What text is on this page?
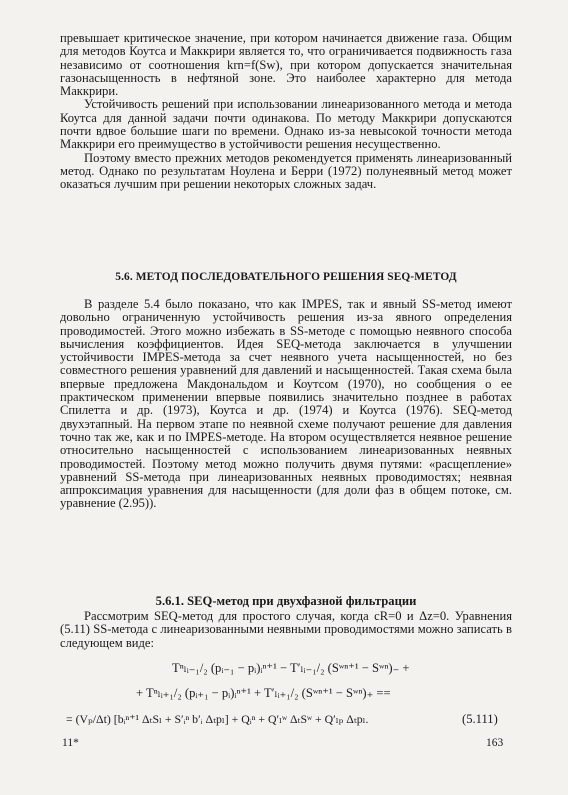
превышает критическое значение, при котором начинается движение газа. Общим для методов Коутса и Маккрири является то, что ограничивается подвижность газа независимо от соотношения krn=f(Sw), при котором допускается значительная газонасыщенность в нефтяной зоне. Это наиболее характерно для метода Маккрири.

Устойчивость решений при использовании линеаризованного метода и метода Коутса для данной задачи почти одинакова. По методу Маккрири допускаются почти вдвое большие шаги по времени. Однако из-за невысокой точности метода Маккрири его преимущество в устойчивости решения несущественно.

Поэтому вместо прежних методов рекомендуется применять линеаризованный метод. Однако по результатам Ноулена и Берри (1972) полунеявный метод может оказаться лучшим при решении некоторых сложных задач.

5.6. МЕТОД ПОСЛЕДОВАТЕЛЬНОГО РЕШЕНИЯ SEQ-МЕТОД

В разделе 5.4 было показано, что как IMPES, так и явный SS-метод имеют довольно ограниченную устойчивость решения из-за явного определения проводимостей. Этого можно избежать в SS-методе с помощью неявного способа вычисления коэффициентов. Идея SEQ-метода заключается в улучшении устойчивости IMPES-метода за счет неявного учета насыщенностей, но без совместного решения уравнений для давлений и насыщенностей. Такая схема была впервые предложена Макдональдом и Коутсом (1970), но сообщения о ее практическом применении впервые появились значительно позднее в работах Спилетта и др. (1973), Коутса и др. (1974) и Коутса (1976). SEQ-метод двухэтапный. На первом этапе по неявной схеме получают решение для давления точно так же, как и по IMPES-методе. На втором осуществляется неявное решение относительно насыщенностей с использованием линеаризованных неявных проводимостей. Поэтому метод можно получить двумя путями: «расщепление» уравнений SS-метода при линеаризованных неявных проводимостях; неявная аппроксимация уравнения для насыщенности (для доли фаз в общем потоке, см. уравнение (2.95)).

5.6.1. SEQ-метод при двухфазной фильтрации

Рассмотрим SEQ-метод для простого случая, когда cR=0 и Δz=0. Уравнения (5.11) SS-метода с линеаризованными неявными проводимостями можно записать в следующем виде:

Tⁿₗᵢ₋₁/₂ (pᵢ₋₁ − pᵢ)ᵢⁿ⁺¹ − T′ₗᵢ₋₁/₂ (Sʷⁿ⁺¹ − Sʷⁿ)₋ +
+ Tⁿₗᵢ₊₁/₂ (pᵢ₊₁ − pᵢ)ᵢⁿ⁺¹ + T′ₗᵢ₊₁/₂ (Sʷⁿ⁺¹ − Sʷⁿ)₊ ==
= (Vₚ/Δt) [bᵢⁿ⁺¹ ΔₜSₗ + S′ᵢⁿ b′ᵢ Δₜpₗ] + Qᵢⁿ + Q′ₗʷ ΔₜSʷ + Q′ₗₚ Δₜpₗ.	(5.111)
11*	163
